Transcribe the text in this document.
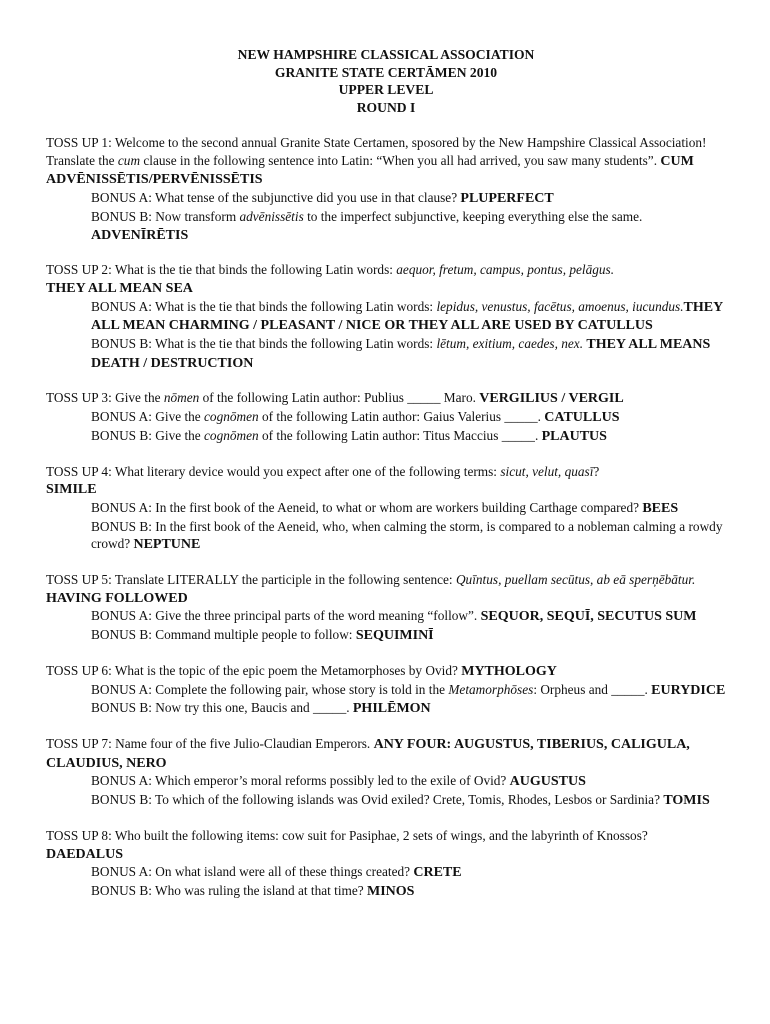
NEW HAMPSHIRE CLASSICAL ASSOCIATION
GRANITE STATE CERTĀMEN 2010
UPPER LEVEL
ROUND I

TOSS UP 1: Welcome to the second annual Granite State Certamen, sposored by the New Hampshire Classical Association! Translate the cum clause in the following sentence into Latin: “When you all had arrived, you saw many students”. CUM ADVĒNISSĒTIS/PERVĒNISSĒTIS

BONUS A: What tense of the subjunctive did you use in that clause? PLUPERFECT

BONUS B: Now transform advēnissētis to the imperfect subjunctive, keeping everything else the same. ADVENĪRĒTIS

TOSS UP 2: What is the tie that binds the following Latin words: aequor, fretum, campus, pontus, pelāgus.
THEY ALL MEAN SEA

BONUS A: What is the tie that binds the following Latin words: lepidus, venustus, facētus, amoenus, iucundus.THEY ALL MEAN CHARMING / PLEASANT / NICE OR THEY ALL ARE USED BY CATULLUS

BONUS B: What is the tie that binds the following Latin words: lētum, exitium, caedes, nex. THEY ALL MEANS DEATH / DESTRUCTION

TOSS UP 3: Give the nōmen of the following Latin author: Publius _____ Maro. VERGILIUS / VERGIL

BONUS A: Give the cognōmen of the following Latin author: Gaius Valerius _____. CATULLUS

BONUS B: Give the cognōmen of the following Latin author: Titus Maccius _____. PLAUTUS

TOSS UP 4: What literary device would you expect after one of the following terms: sicut, velut, quasī?
SIMILE

BONUS A: In the first book of the Aeneid, to what or whom are workers building Carthage compared? BEES

BONUS B: In the first book of the Aeneid, who, when calming the storm, is compared to a nobleman calming a rowdy crowd? NEPTUNE

TOSS UP 5: Translate LITERALLY the participle in the following sentence: Quīntus, puellam secūtus, ab eā sperņēbātur. HAVING FOLLOWED

BONUS A: Give the three principal parts of the word meaning “follow”. SEQUOR, SEQUĪ, SECUTUS SUM

BONUS B: Command multiple people to follow: SEQUIMINĪ

TOSS UP 6: What is the topic of the epic poem the Metamorphoses by Ovid? MYTHOLOGY

BONUS A: Complete the following pair, whose story is told in the Metamorphōses: Orpheus and _____. EURYDICE

BONUS B: Now try this one, Baucis and _____. PHILĒMON

TOSS UP 7: Name four of the five Julio-Claudian Emperors. ANY FOUR: AUGUSTUS, TIBERIUS, CALIGULA, CLAUDIUS, NERO

BONUS A: Which emperor’s moral reforms possibly led to the exile of Ovid? AUGUSTUS

BONUS B: To which of the following islands was Ovid exiled? Crete, Tomis, Rhodes, Lesbos or Sardinia? TOMIS

TOSS UP 8: Who built the following items: cow suit for Pasiphae, 2 sets of wings, and the labyrinth of Knossos? DAEDALUS

BONUS A: On what island were all of these things created? CRETE

BONUS B: Who was ruling the island at that time? MINOS
